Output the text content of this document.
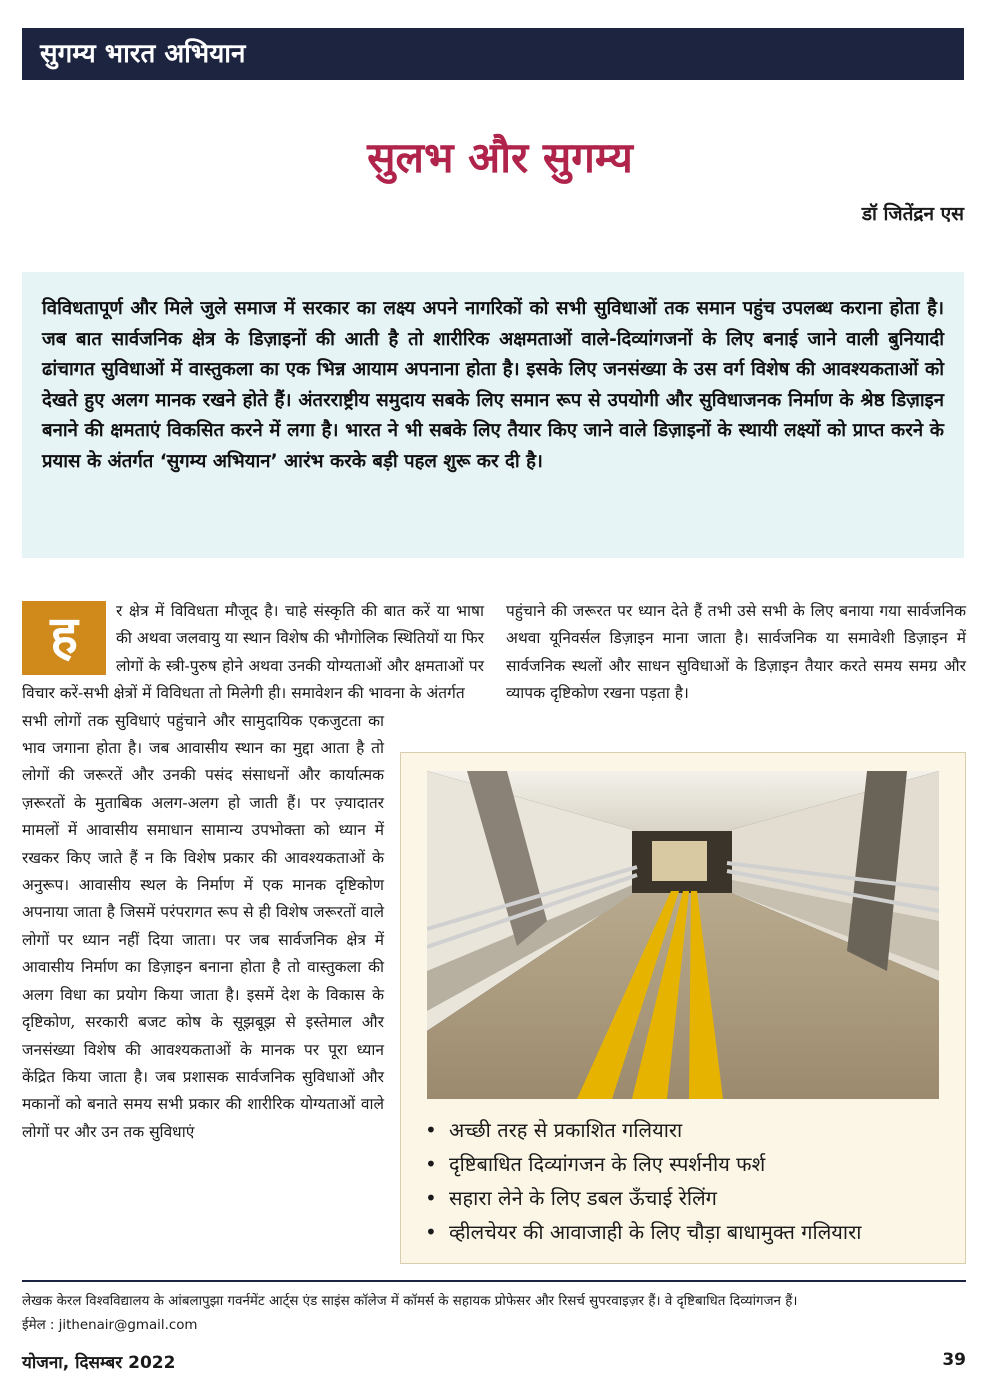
सुगम्य भारत अभियान
सुलभ और सुगम्य
डॉ जितेंद्रन एस

विविधतापूर्ण और मिले जुले समाज में सरकार का लक्ष्य अपने नागरिकों को सभी सुविधाओं तक समान पहुंच उपलब्ध कराना होता है। जब बात सार्वजनिक क्षेत्र के डिज़ाइनों की आती है तो शारीरिक अक्षमताओं वाले-दिव्यांगजनों के लिए बनाई जाने वाली बुनियादी ढांचागत सुविधाओं में वास्तुकला का एक भिन्न आयाम अपनाना होता है। इसके लिए जनसंख्या के उस वर्ग विशेष की आवश्यकताओं को देखते हुए अलग मानक रखने होते हैं। अंतरराष्ट्रीय समुदाय सबके लिए समान रूप से उपयोगी और सुविधाजनक निर्माण के श्रेष्ठ डिज़ाइन बनाने की क्षमताएं विकसित करने में लगा है। भारत ने भी सबके लिए तैयार किए जाने वाले डिज़ाइनों के स्थायी लक्ष्यों को प्राप्त करने के प्रयास के अंतर्गत ‘सुगम्य अभियान’ आरंभ करके बड़ी पहल शुरू कर दी है।

ह	र क्षेत्र में विविधता मौजूद है। चाहे संस्कृति की बात करें या भाषा की अथवा जलवायु या स्थान विशेष की भौगोलिक स्थितियों या फिर लोगों के स्त्री-पुरुष होने अथवा उनकी योग्यताओं और क्षमताओं पर विचार करें-सभी क्षेत्रों में विविधता तो मिलेगी ही। समावेशन की भावना के अंतर्गत

सभी लोगों तक सुविधाएं पहुंचाने और सामुदायिक एकजुटता का भाव जगाना होता है। जब आवासीय स्थान का मुद्दा आता है तो लोगों की जरूरतें और उनकी पसंद संसाधनों और कार्यात्मक ज़रूरतों के मुताबिक अलग-अलग हो जाती हैं। पर ज़्यादातर मामलों में आवासीय समाधान सामान्य उपभोक्ता को ध्यान में रखकर किए जाते हैं न कि विशेष प्रकार की आवश्यकताओं के अनुरूप। आवासीय स्थल के निर्माण में एक मानक दृष्टिकोण अपनाया जाता है जिसमें परंपरागत रूप से ही विशेष जरूरतों वाले लोगों पर ध्यान नहीं दिया जाता। पर जब सार्वजनिक क्षेत्र में आवासीय निर्माण का डिज़ाइन बनाना होता है तो वास्तुकला की अलग विधा का प्रयोग किया जाता है। इसमें देश के विकास के दृष्टिकोण, सरकारी बजट कोष के सूझबूझ से इस्तेमाल और जनसंख्या विशेष की आवश्यकताओं के मानक पर पूरा ध्यान केंद्रित किया जाता है। जब प्रशासक सार्वजनिक सुविधाओं और मकानों को बनाते समय सभी प्रकार की शारीरिक योग्यताओं वाले लोगों पर और उन तक सुविधाएं

पहुंचाने की जरूरत पर ध्यान देते हैं तभी उसे सभी के लिए बनाया गया सार्वजनिक अथवा यूनिवर्सल डिज़ाइन माना जाता है। सार्वजनिक या समावेशी डिज़ाइन में सार्वजनिक स्थलों और साधन सुविधाओं के डिज़ाइन तैयार करते समय समग्र और व्यापक दृष्टिकोण रखना पड़ता है।

• अच्छी तरह से प्रकाशित गलियारा
• दृष्टिबाधित दिव्यांगजन के लिए स्पर्शनीय फर्श
• सहारा लेने के लिए डबल ऊँचाई रेलिंग
• व्हीलचेयर की आवाजाही के लिए चौड़ा बाधामुक्त गलियारा
लेखक केरल विश्वविद्यालय के आंबलापुझा गवर्नमेंट आर्ट्स एंड साइंस कॉलेज में कॉमर्स के सहायक प्रोफेसर और रिसर्च सुपरवाइज़र हैं। वे दृष्टिबाधित दिव्यांगजन हैं।
ईमेल : jithenair@gmail.com
योजना, दिसम्बर 2022	39
